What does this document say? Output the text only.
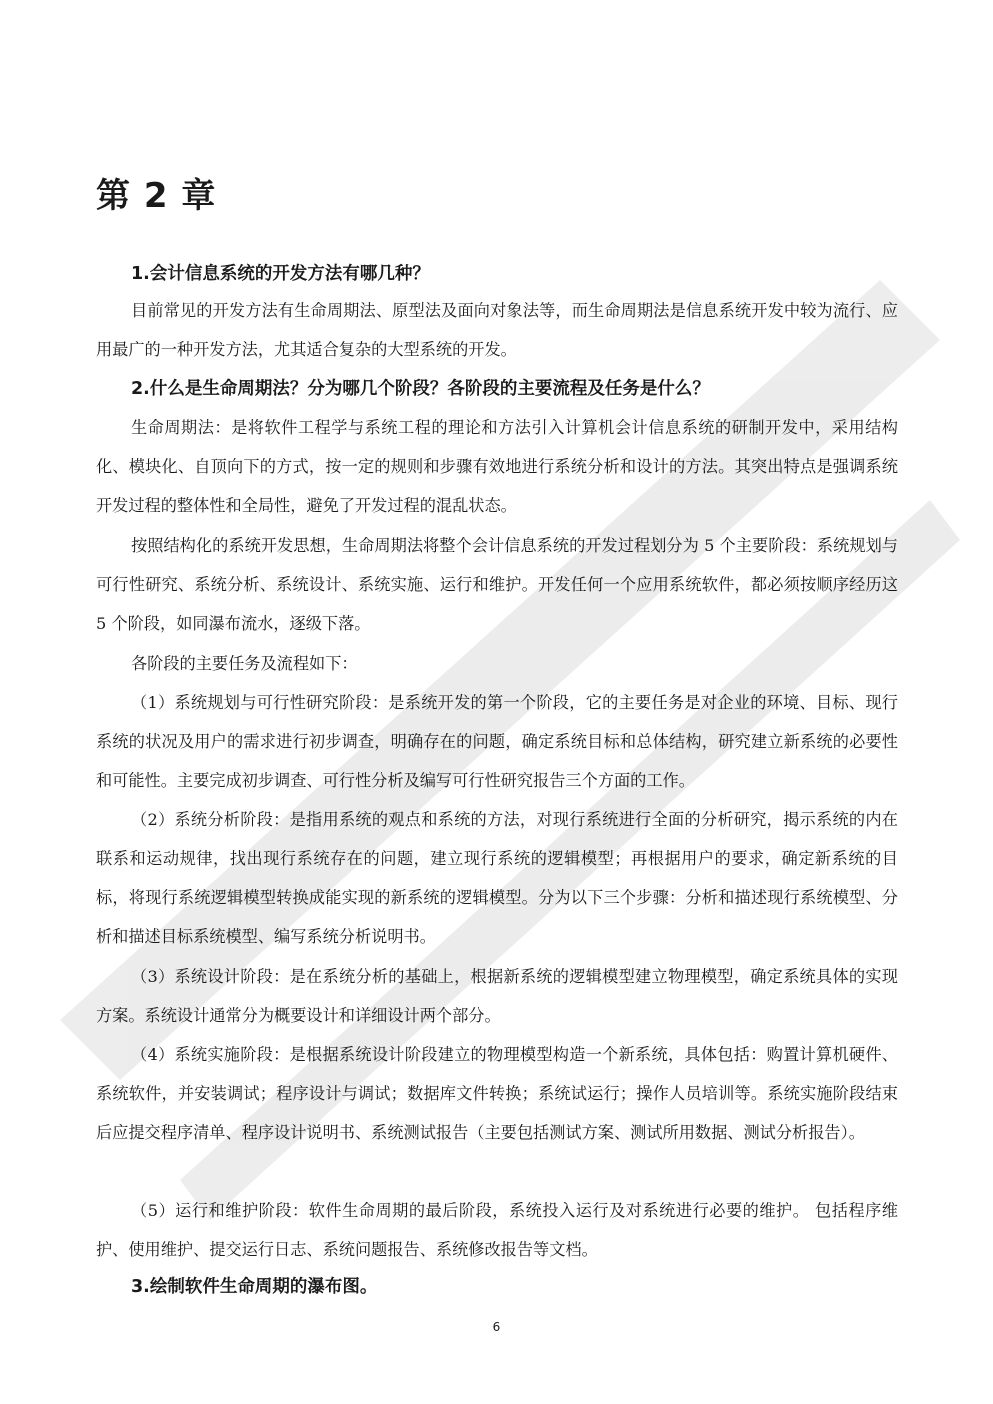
第 2 章
1.会计信息系统的开发方法有哪几种？

目前常见的开发方法有生命周期法、原型法及面向对象法等，而生命周期法是信息系统开发中较为流行、应用最广的一种开发方法，尤其适合复杂的大型系统的开发。

2.什么是生命周期法？分为哪几个阶段？各阶段的主要流程及任务是什么？

生命周期法：是将软件工程学与系统工程的理论和方法引入计算机会计信息系统的研制开发中，采用结构化、模块化、自顶向下的方式，按一定的规则和步骤有效地进行系统分析和设计的方法。其突出特点是强调系统开发过程的整体性和全局性，避免了开发过程的混乱状态。

按照结构化的系统开发思想，生命周期法将整个会计信息系统的开发过程划分为 5 个主要阶段：系统规划与可行性研究、系统分析、系统设计、系统实施、运行和维护。开发任何一个应用系统软件，都必须按顺序经历这 5 个阶段，如同瀑布流水，逐级下落。

各阶段的主要任务及流程如下：

（1）系统规划与可行性研究阶段：是系统开发的第一个阶段，它的主要任务是对企业的环境、目标、现行系统的状况及用户的需求进行初步调查，明确存在的问题，确定系统目标和总体结构，研究建立新系统的必要性和可能性。主要完成初步调查、可行性分析及编写可行性研究报告三个方面的工作。

（2）系统分析阶段：是指用系统的观点和系统的方法，对现行系统进行全面的分析研究，揭示系统的内在联系和运动规律，找出现行系统存在的问题，建立现行系统的逻辑模型；再根据用户的要求，确定新系统的目标，将现行系统逻辑模型转换成能实现的新系统的逻辑模型。分为以下三个步骤：分析和描述现行系统模型、分析和描述目标系统模型、编写系统分析说明书。

（3）系统设计阶段：是在系统分析的基础上，根据新系统的逻辑模型建立物理模型，确定系统具体的实现方案。系统设计通常分为概要设计和详细设计两个部分。

（4）系统实施阶段：是根据系统设计阶段建立的物理模型构造一个新系统，具体包括：购置计算机硬件、系统软件，并安装调试；程序设计与调试；数据库文件转换；系统试运行；操作人员培训等。系统实施阶段结束后应提交程序清单、程序设计说明书、系统测试报告（主要包括测试方案、测试所用数据、测试分析报告）。

（5）运行和维护阶段：软件生命周期的最后阶段，系统投入运行及对系统进行必要的维护。 包括程序维护、使用维护、提交运行日志、系统问题报告、系统修改报告等文档。

3.绘制软件生命周期的瀑布图。
6
